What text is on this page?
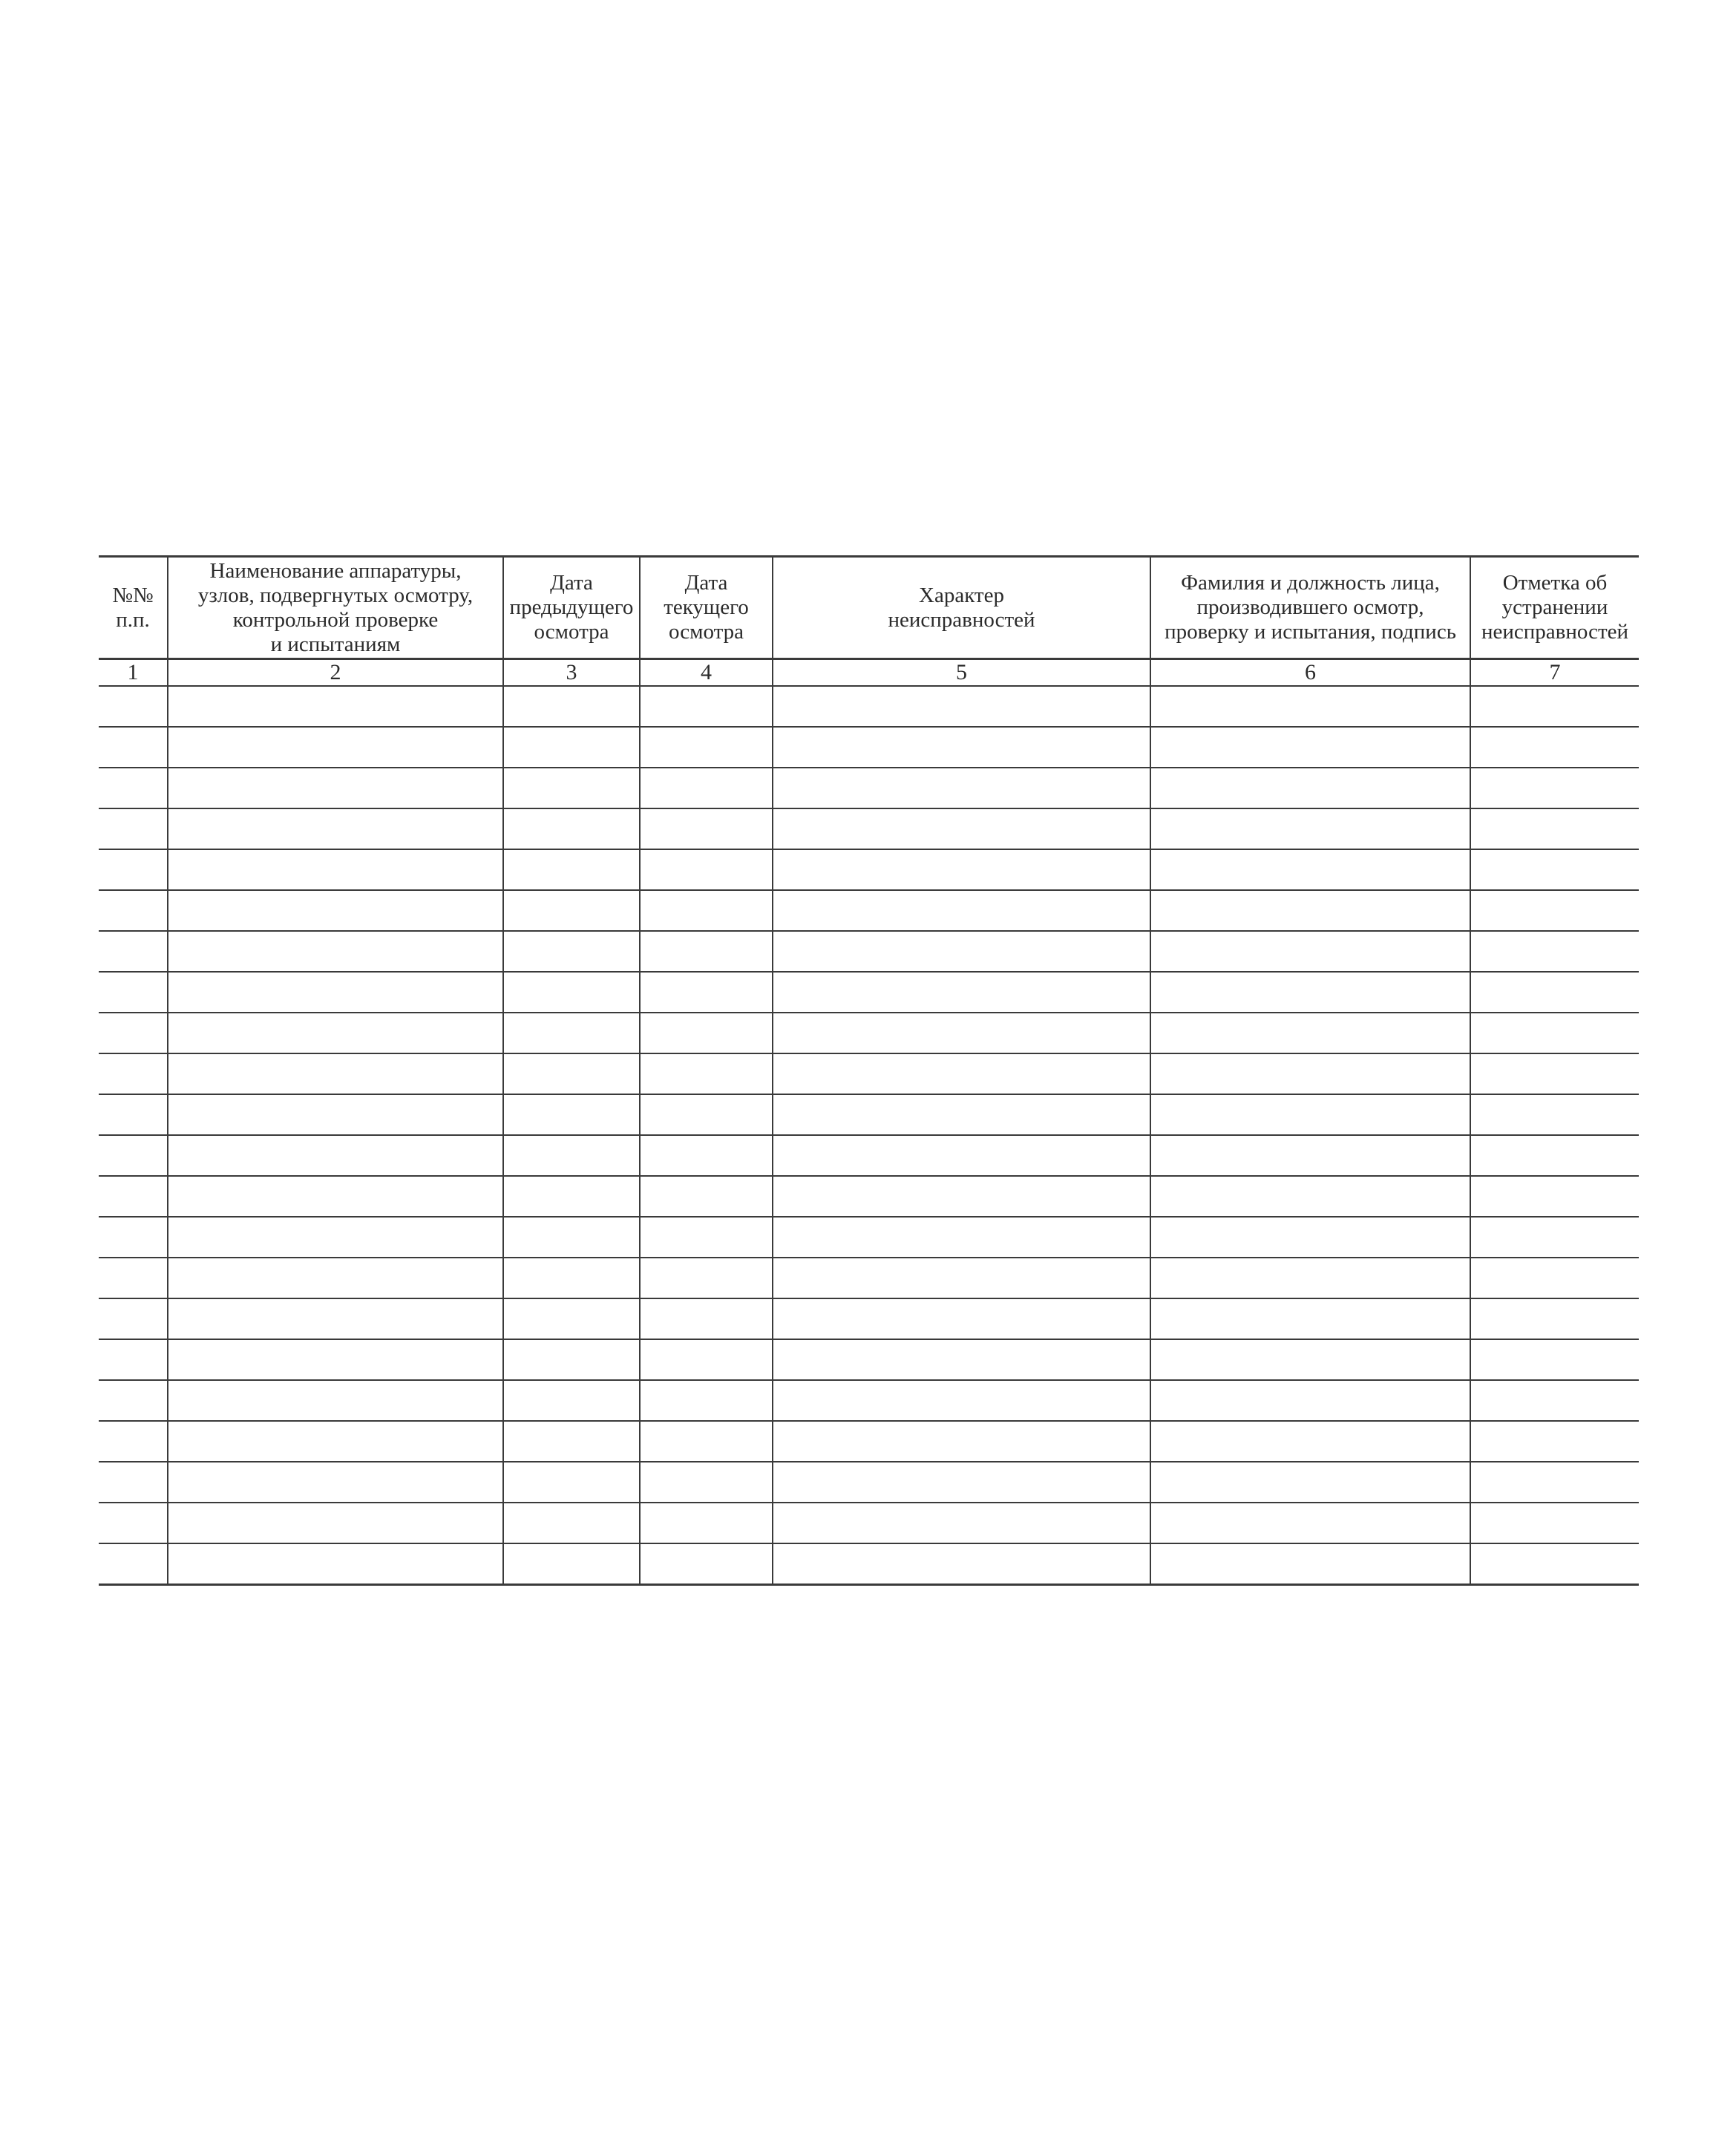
№№
п.п.	Наименование аппаратуры,
узлов, подвергнутых осмотру,
контрольной проверке
и испытаниям	Дата
предыдущего
осмотра	Дата
текущего
осмотра	Характер
неисправностей	Фамилия и должность лица,
производившего осмотр,
проверку и испытания, подпись	Отметка об
устранении
неисправностей

1	2	3	4	5	6	7
